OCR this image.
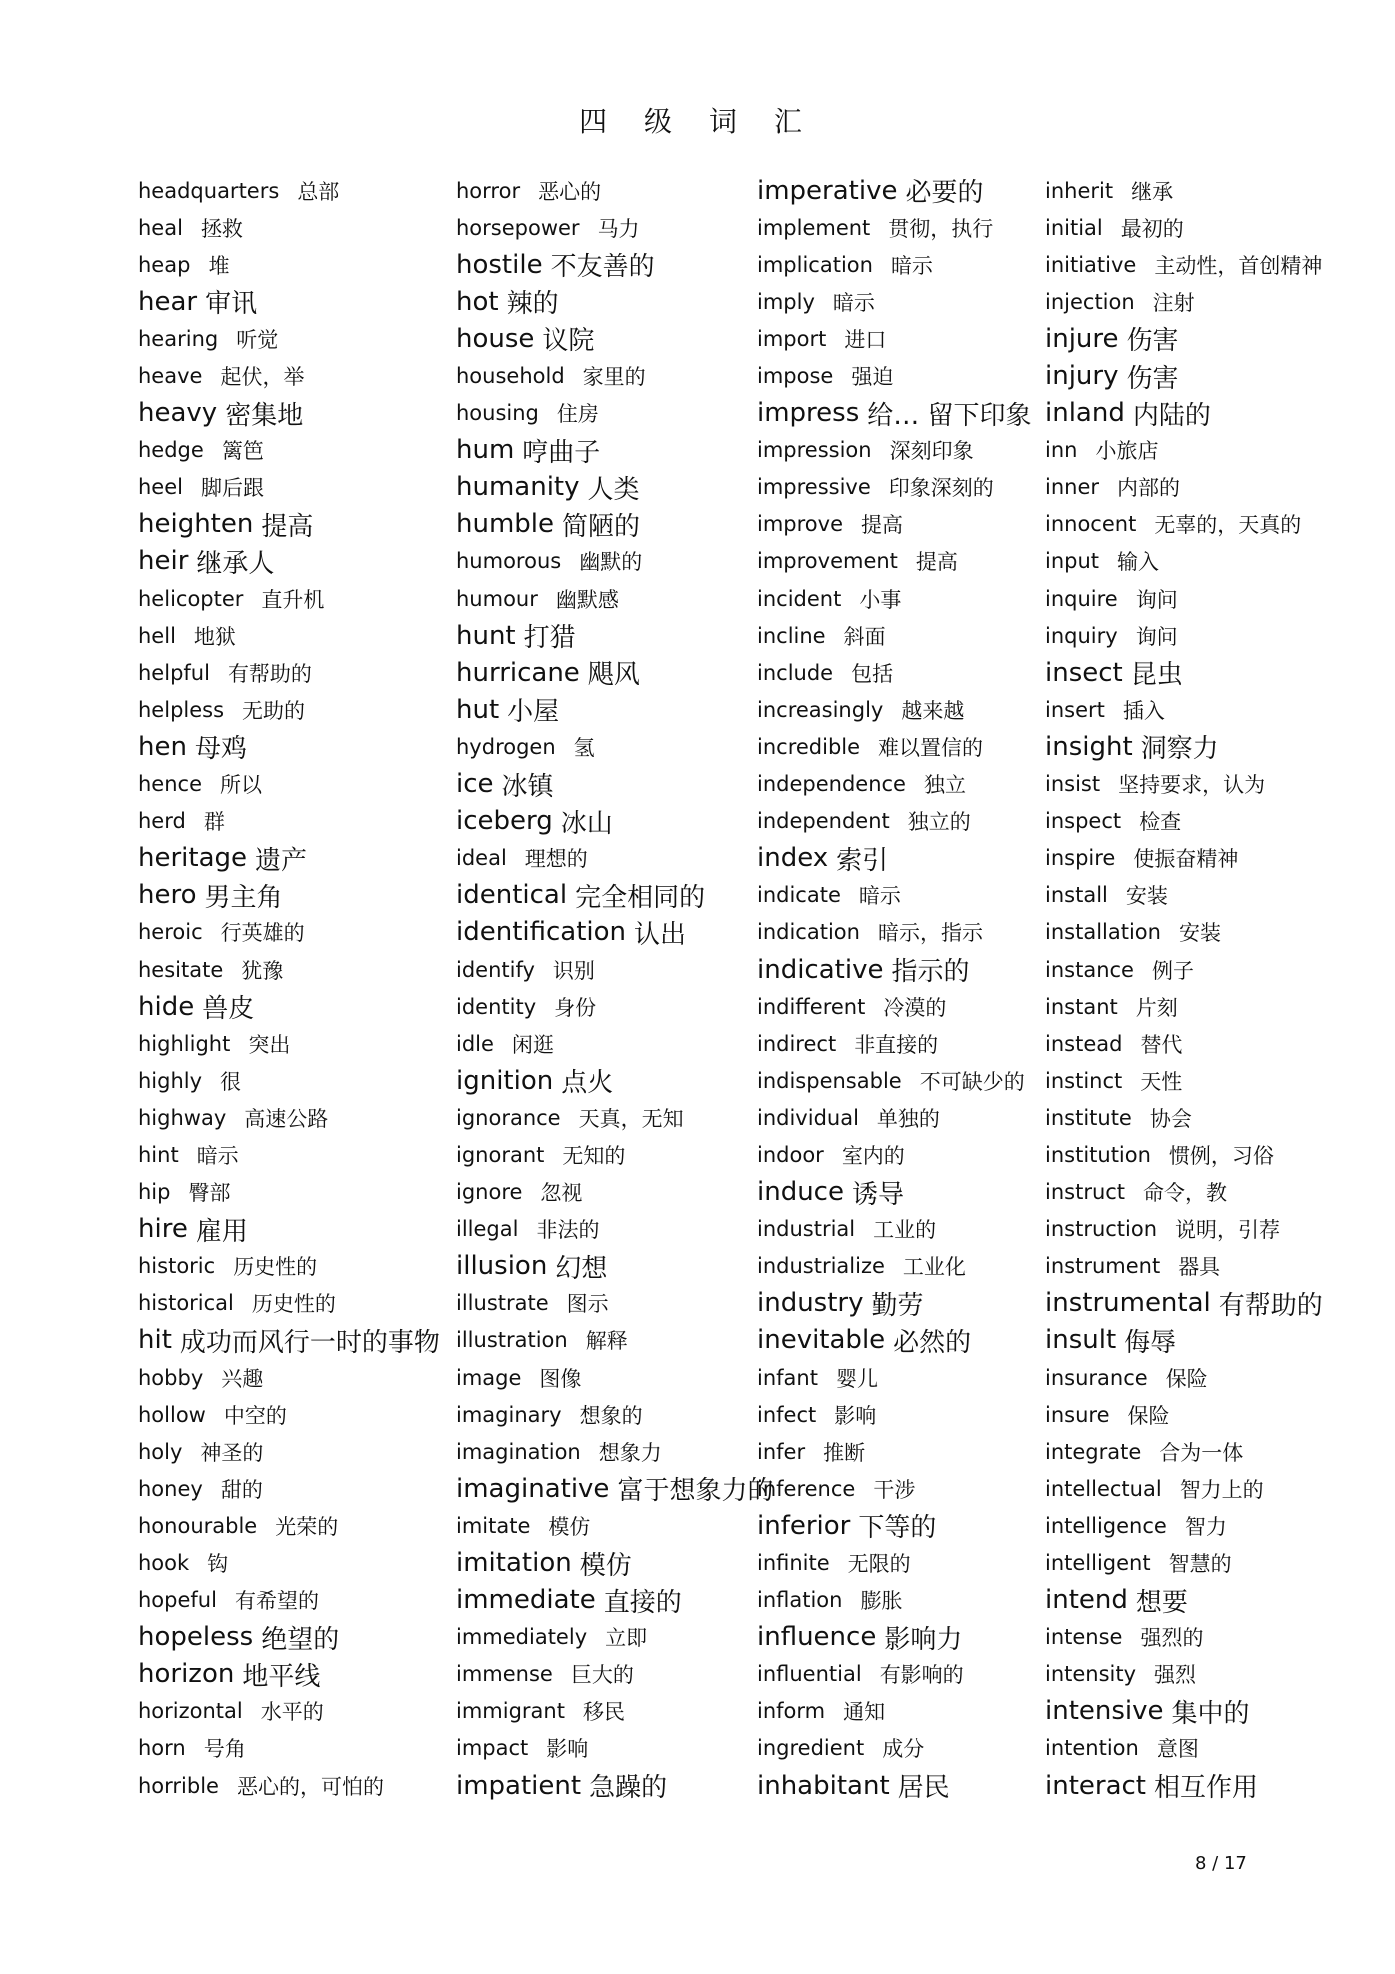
四 级 词 汇
headquarters 总部
heal 拯救
heap 堆
hear 审讯
hearing 听觉
heave 起伏，举
heavy 密集地
hedge 篱笆
heel 脚后跟
heighten 提高
heir 继承人
helicopter 直升机
hell 地狱
helpful 有帮助的
helpless 无助的
hen 母鸡
hence 所以
herd 群
heritage 遗产
hero 男主角
heroic 行英雄的
hesitate 犹豫
hide 兽皮
highlight 突出
highly 很
highway 高速公路
hint 暗示
hip 臀部
hire 雇用
historic 历史性的
historical 历史性的
hit 成功而风行一时的事物
hobby 兴趣
hollow 中空的
holy 神圣的
honey 甜的
honourable 光荣的
hook 钩
hopeful 有希望的
hopeless 绝望的
horizon 地平线
horizontal 水平的
horn 号角
horrible 恶心的，可怕的
horror 恶心的
horsepower 马力
hostile 不友善的
hot 辣的
house 议院
household 家里的
housing 住房
hum 哼曲子
humanity 人类
humble 简陋的
humorous 幽默的
humour 幽默感
hunt 打猎
hurricane 飓风
hut 小屋
hydrogen 氢
ice 冰镇
iceberg 冰山
ideal 理想的
identical 完全相同的
identification 认出
identify 识别
identity 身份
idle 闲逛
ignition 点火
ignorance 天真，无知
ignorant 无知的
ignore 忽视
illegal 非法的
illusion 幻想
illustrate 图示
illustration 解释
image 图像
imaginary 想象的
imagination 想象力
imaginative 富于想象力的
imitate 模仿
imitation 模仿
immediate 直接的
immediately 立即
immense 巨大的
immigrant 移民
impact 影响
impatient 急躁的
imperative 必要的
implement 贯彻，执行
implication 暗示
imply 暗示
import 进口
impose 强迫
impress 给… 留下印象
impression 深刻印象
impressive 印象深刻的
improve 提高
improvement 提高
incident 小事
incline 斜面
include 包括
increasingly 越来越
incredible 难以置信的
independence 独立
independent 独立的
index 索引
indicate 暗示
indication 暗示，指示
indicative 指示的
indifferent 冷漠的
indirect 非直接的
indispensable 不可缺少的
individual 单独的
indoor 室内的
induce 诱导
industrial 工业的
industrialize 工业化
industry 勤劳
inevitable 必然的
infant 婴儿
infect 影响
infer 推断
inference 干涉
inferior 下等的
infinite 无限的
inflation 膨胀
influence 影响力
influential 有影响的
inform 通知
ingredient 成分
inhabitant 居民
inherit 继承
initial 最初的
initiative 主动性，首创精神
injection 注射
injure 伤害
injury 伤害
inland 内陆的
inn 小旅店
inner 内部的
innocent 无辜的，天真的
input 输入
inquire 询问
inquiry 询问
insect 昆虫
insert 插入
insight 洞察力
insist 坚持要求，认为
inspect 检查
inspire 使振奋精神
install 安装
installation 安装
instance 例子
instant 片刻
instead 替代
instinct 天性
institute 协会
institution 惯例，习俗
instruct 命令，教
instruction 说明，引荐
instrument 器具
instrumental 有帮助的
insult 侮辱
insurance 保险
insure 保险
integrate 合为一体
intellectual 智力上的
intelligence 智力
intelligent 智慧的
intend 想要
intense 强烈的
intensity 强烈
intensive 集中的
intention 意图
interact 相互作用
8 / 17
